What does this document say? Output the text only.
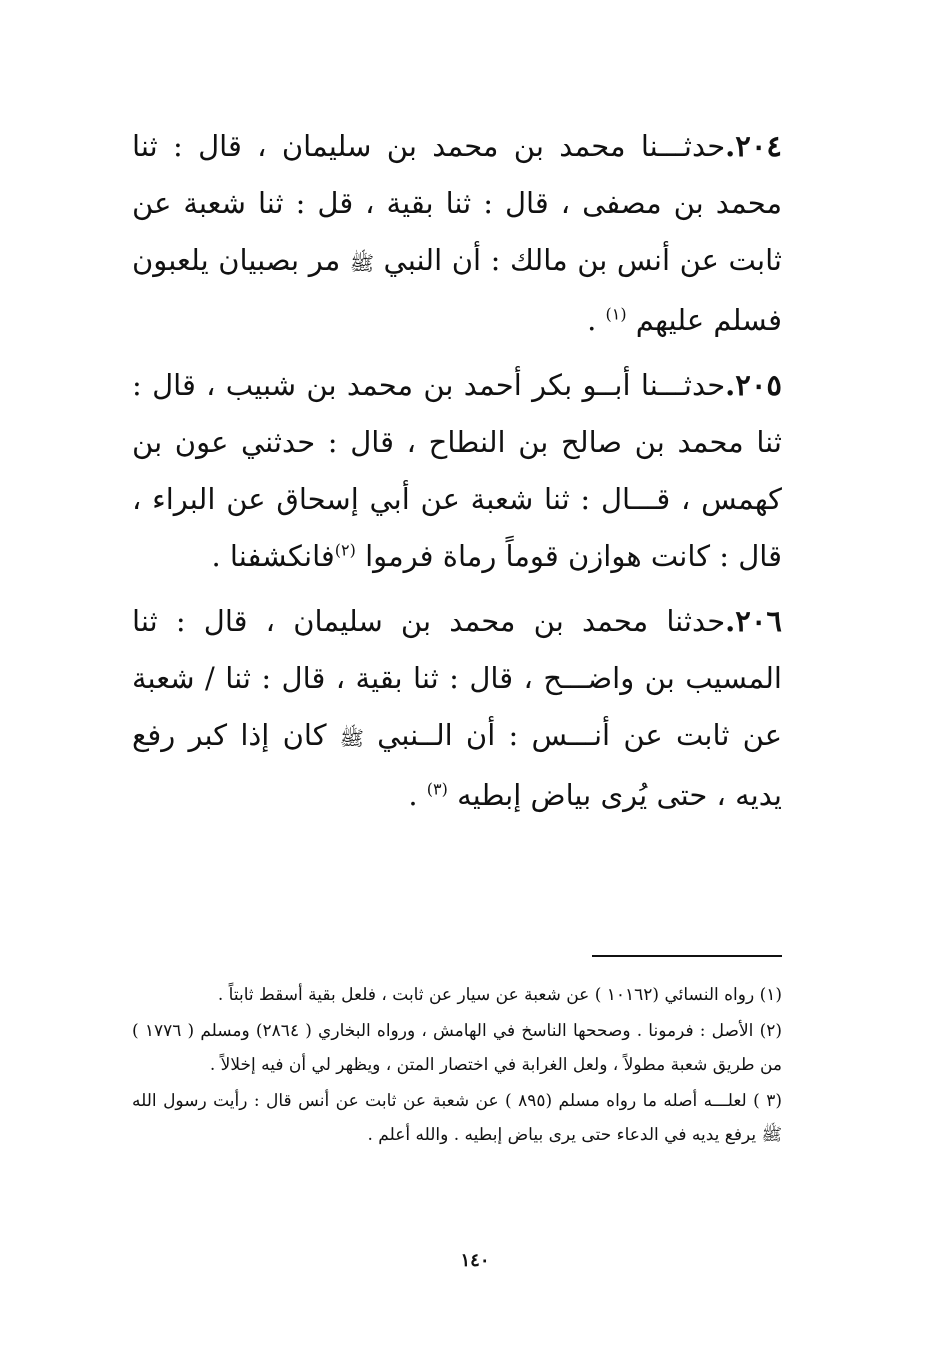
٢٠٤.حدثـــنا محمد بن محمد بن سليمان ، قال : ثنا محمد بن مصفى ، قال : ثنا بقية ، قل : ثنا شعبة عن ثابت عن أنس بن مالك : أن النبي ﷺ مر بصبيان يلعبون فسلم عليهم $^{(١)}$ .

٢٠٥.حدثـــنا أبــو بكر أحمد بن محمد بن شبيب ، قال : ثنا محمد بن صالح بن النطاح ، قال : حدثني عون بن كهمس ، قـــال : ثنا شعبة عن أبي إسحاق عن البراء ، قال : كانت هوازن قوماً رماة فرموا $^{(٢)}$فانكشفنا .

٢٠٦.حدثنا محمد بن محمد بن سليمان ، قال : ثنا المسيب بن واضـــح ، قال : ثنا بقية ، قال : ثنا / شعبة عن ثابت عن أنـــس : أن الــنبي ﷺ كان إذا كبر رفع يديه ، حتى يُرى بياض إبطيه $^{(٣)}$ .

(١) رواه النسائي (١٠١٦٢ ) عن شعبة عن سيار عن ثابت ، فلعل بقية أسقط ثابتاً .

(٢) الأصل : فرمونا . وصححها الناسخ في الهامش ، ورواه البخاري ( ٢٨٦٤) ومسلم ( ١٧٧٦ ) من طريق شعبة مطولاً ، ولعل الغرابة في اختصار المتن ، ويظهر لي أن فيه إخلالاً .

(٣ ) لعلـــه أصله ما رواه مسلم (٨٩٥ ) عن شعبة عن ثابت عن أنس قال : رأيت رسول الله ﷺ يرفع يديه في الدعاء حتى يرى بياض إبطيه . والله أعلم .

١٤٠
